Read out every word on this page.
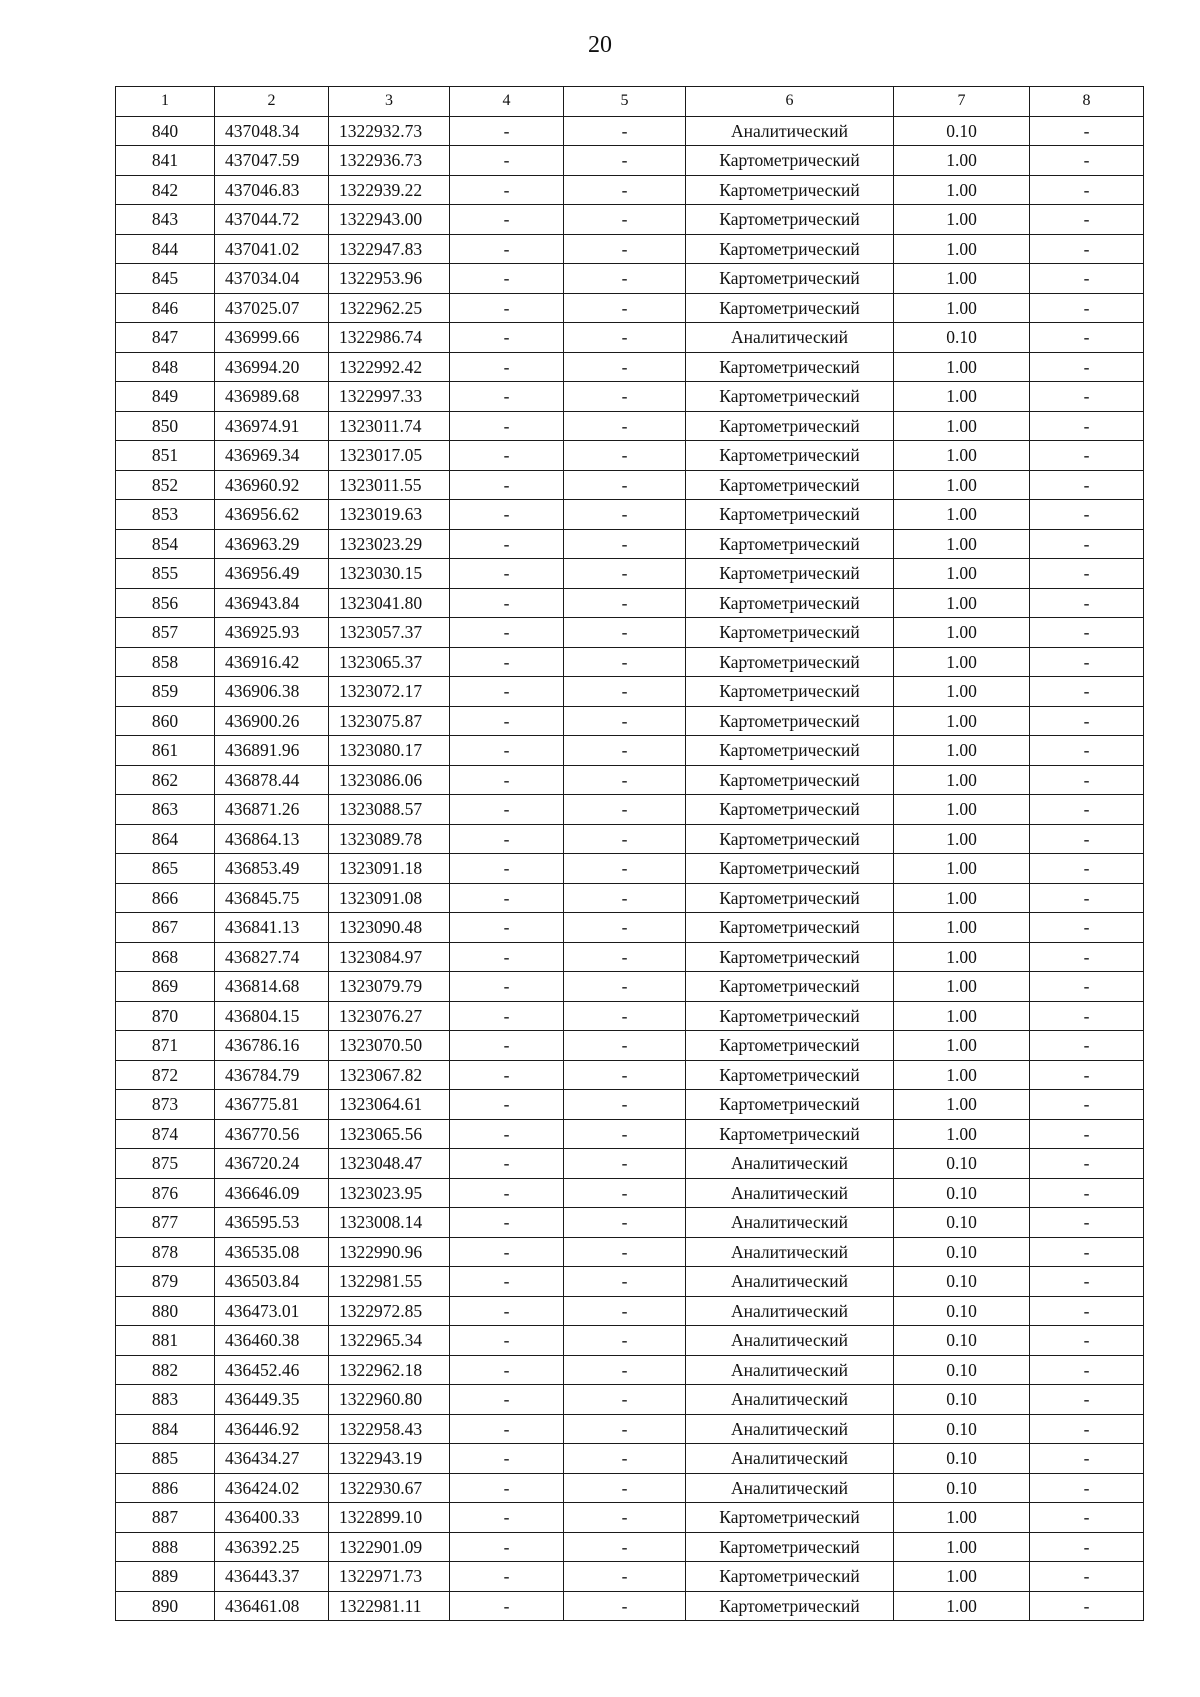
20
1	2	3	4	5	6	7	8
840	437048.34	1322932.73	-	-	Аналитический	0.10	-
841	437047.59	1322936.73	-	-	Картометрический	1.00	-
842	437046.83	1322939.22	-	-	Картометрический	1.00	-
843	437044.72	1322943.00	-	-	Картометрический	1.00	-
844	437041.02	1322947.83	-	-	Картометрический	1.00	-
845	437034.04	1322953.96	-	-	Картометрический	1.00	-
846	437025.07	1322962.25	-	-	Картометрический	1.00	-
847	436999.66	1322986.74	-	-	Аналитический	0.10	-
848	436994.20	1322992.42	-	-	Картометрический	1.00	-
849	436989.68	1322997.33	-	-	Картометрический	1.00	-
850	436974.91	1323011.74	-	-	Картометрический	1.00	-
851	436969.34	1323017.05	-	-	Картометрический	1.00	-
852	436960.92	1323011.55	-	-	Картометрический	1.00	-
853	436956.62	1323019.63	-	-	Картометрический	1.00	-
854	436963.29	1323023.29	-	-	Картометрический	1.00	-
855	436956.49	1323030.15	-	-	Картометрический	1.00	-
856	436943.84	1323041.80	-	-	Картометрический	1.00	-
857	436925.93	1323057.37	-	-	Картометрический	1.00	-
858	436916.42	1323065.37	-	-	Картометрический	1.00	-
859	436906.38	1323072.17	-	-	Картометрический	1.00	-
860	436900.26	1323075.87	-	-	Картометрический	1.00	-
861	436891.96	1323080.17	-	-	Картометрический	1.00	-
862	436878.44	1323086.06	-	-	Картометрический	1.00	-
863	436871.26	1323088.57	-	-	Картометрический	1.00	-
864	436864.13	1323089.78	-	-	Картометрический	1.00	-
865	436853.49	1323091.18	-	-	Картометрический	1.00	-
866	436845.75	1323091.08	-	-	Картометрический	1.00	-
867	436841.13	1323090.48	-	-	Картометрический	1.00	-
868	436827.74	1323084.97	-	-	Картометрический	1.00	-
869	436814.68	1323079.79	-	-	Картометрический	1.00	-
870	436804.15	1323076.27	-	-	Картометрический	1.00	-
871	436786.16	1323070.50	-	-	Картометрический	1.00	-
872	436784.79	1323067.82	-	-	Картометрический	1.00	-
873	436775.81	1323064.61	-	-	Картометрический	1.00	-
874	436770.56	1323065.56	-	-	Картометрический	1.00	-
875	436720.24	1323048.47	-	-	Аналитический	0.10	-
876	436646.09	1323023.95	-	-	Аналитический	0.10	-
877	436595.53	1323008.14	-	-	Аналитический	0.10	-
878	436535.08	1322990.96	-	-	Аналитический	0.10	-
879	436503.84	1322981.55	-	-	Аналитический	0.10	-
880	436473.01	1322972.85	-	-	Аналитический	0.10	-
881	436460.38	1322965.34	-	-	Аналитический	0.10	-
882	436452.46	1322962.18	-	-	Аналитический	0.10	-
883	436449.35	1322960.80	-	-	Аналитический	0.10	-
884	436446.92	1322958.43	-	-	Аналитический	0.10	-
885	436434.27	1322943.19	-	-	Аналитический	0.10	-
886	436424.02	1322930.67	-	-	Аналитический	0.10	-
887	436400.33	1322899.10	-	-	Картометрический	1.00	-
888	436392.25	1322901.09	-	-	Картометрический	1.00	-
889	436443.37	1322971.73	-	-	Картометрический	1.00	-
890	436461.08	1322981.11	-	-	Картометрический	1.00	-
